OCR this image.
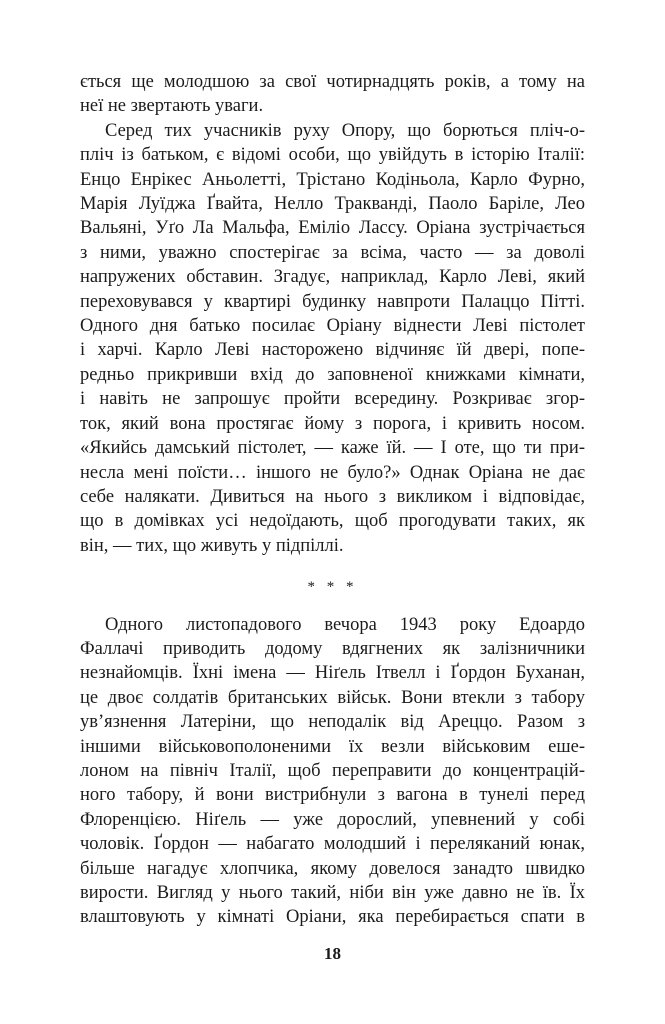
ється ще молодшою за свої чотирнадцять років, а тому на
неї не звертають уваги.
Серед тих учасників руху Опору, що борються пліч-о-
пліч із батьком, є відомі особи, що увійдуть в історію Італії:
Енцо Енрікес Аньолетті, Трістано Кодіньола, Карло Фурно,
Марія Луїджа Ґвайта, Нелло Тракванді, Паоло Баріле, Лео
Вальяні, Уґо Ла Мальфа, Еміліо Лассу. Оріана зустрічається
з ними, уважно спостерігає за всіма, часто — за доволі
напружених обставин. Згадує, наприклад, Карло Леві, який
переховувався у квартирі будинку навпроти Палаццо Пітті.
Одного дня батько посилає Оріану віднести Леві пістолет
і харчі. Карло Леві насторожено відчиняє їй двері, попе-
редньо прикривши вхід до заповненої книжками кімнати,
і навіть не запрошує пройти всередину. Розкриває згор-
ток, який вона простягає йому з порога, і кривить носом.
«Якийсь дамський пістолет, — каже їй. — І оте, що ти при-
несла мені поїсти… іншого не було?» Однак Оріана не дає
себе налякати. Дивиться на нього з викликом і відповідає,
що в домівках усі недоїдають, щоб прогодувати таких, як
він, — тих, що живуть у підпіллі.
* * *
Одного листопадового вечора 1943 року Едоардо
Фаллачі приводить додому вдягнених як залізничники
незнайомців. Їхні імена — Ніґель Ітвелл і Ґордон Буханан,
це двоє солдатів британських військ. Вони втекли з табору
ув’язнення Латеріни, що неподалік від Ареццо. Разом з
іншими військовополоненими їх везли військовим еше-
лоном на північ Італії, щоб переправити до концентрацій-
ного табору, й вони вистрибнули з вагона в тунелі перед
Флоренцією. Ніґель — уже дорослий, упевнений у собі
чоловік. Ґордон — набагато молодший і переляканий юнак,
більше нагадує хлопчика, якому довелося занадто швидко
вирости. Вигляд у нього такий, ніби він уже давно не їв. Їх
влаштовують у кімнаті Оріани, яка перебирається спати в
18
